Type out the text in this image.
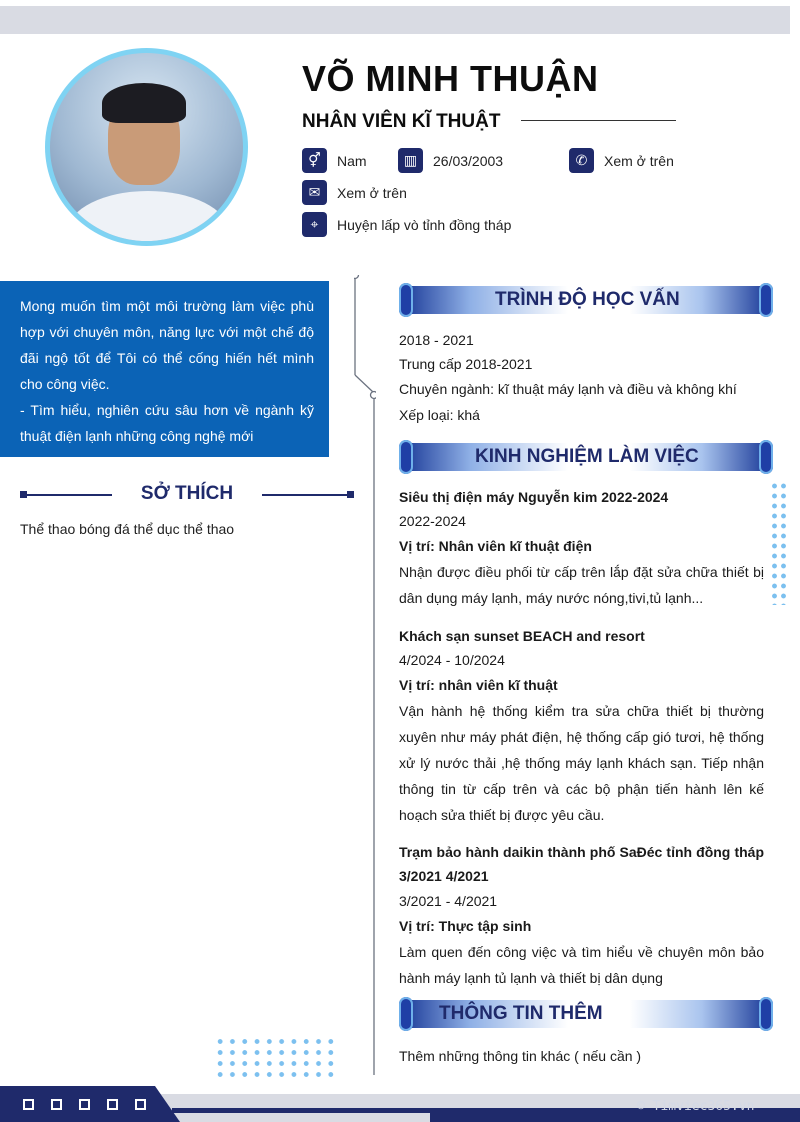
VÕ MINH THUẬN
NHÂN VIÊN KĨ THUẬT
⚥	Nam	▥	26/03/2003	✆	Xem ở trên
✉	Xem ở trên
⌖	Huyện lấp vò tỉnh đồng tháp

Mong muốn tìm một môi trường làm việc phù hợp với chuyên môn, năng lực với một chế độ đãi ngộ tốt để Tôi có thể cống hiến hết mình cho công việc.

- Tìm hiểu, nghiên cứu sâu hơn về ngành kỹ thuật điện lạnh những công nghệ mới

SỞ THÍCH
Thể thao bóng đá thể dục thể thao
TRÌNH ĐỘ HỌC VẤN
2018 - 2021
Trung cấp 2018-2021
Chuyên ngành: kĩ thuật máy lạnh và điều và không khí
Xếp loại: khá
KINH NGHIỆM LÀM VIỆC
Siêu thị điện máy Nguyễn kim 2022-2024
2022-2024
Vị trí: Nhân viên kĩ thuật điện
Nhận được điều phối từ cấp trên lắp đặt sửa chữa thiết bị dân dụng máy lạnh, máy nước nóng,tivi,tủ lạnh...
Khách sạn sunset BEACH and resort
4/2024 - 10/2024
Vị trí: nhân viên kĩ thuật
Vận hành hệ thống kiểm tra sửa chữa thiết bị thường xuyên như máy phát điện, hệ thống cấp gió tươi, hệ thống xử lý nước thải ,hệ thống máy lạnh khách sạn. Tiếp nhận thông tin từ cấp trên và các bộ phận tiến hành lên kế hoạch sửa thiết bị được yêu cầu.
Trạm bảo hành daikin thành phố SaĐéc tỉnh đồng tháp 3/2021 4/2021
3/2021 - 4/2021
Vị trí: Thực tập sinh
Làm quen đến công việc và tìm hiểu về chuyên môn bảo hành máy lạnh tủ lạnh và thiết bị dân dụng
THÔNG TIN THÊM
Thêm những thông tin khác ( nếu cần )
© Timviec365.vn
